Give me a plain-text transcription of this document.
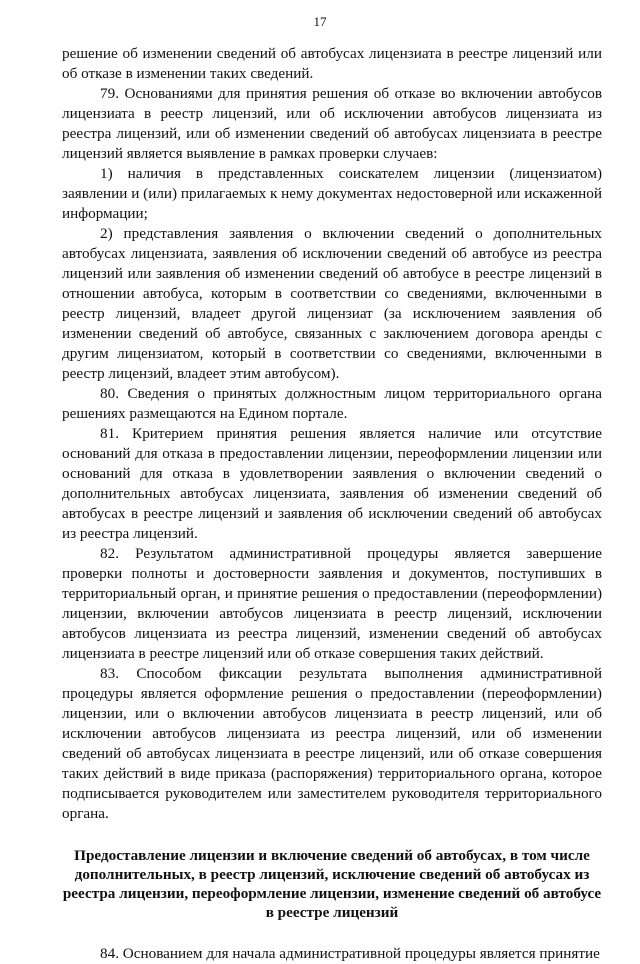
17

решение об изменении сведений об автобусах лицензиата в реестре лицензий или об отказе в изменении таких сведений.

79. Основаниями для принятия решения об отказе во включении автобусов лицензиата в реестр лицензий, или об исключении автобусов лицензиата из реестра лицензий, или об изменении сведений об автобусах лицензиата в реестре лицензий является выявление в рамках проверки случаев:

1) наличия в представленных соискателем лицензии (лицензиатом) заявлении и (или) прилагаемых к нему документах недостоверной или искаженной информации;

2) представления заявления о включении сведений о дополнительных автобусах лицензиата, заявления об исключении сведений об автобусе из реестра лицензий или заявления об изменении сведений об автобусе в реестре лицензий в отношении автобуса, которым в соответствии со сведениями, включенными в реестр лицензий, владеет другой лицензиат (за исключением заявления об изменении сведений об автобусе, связанных с заключением договора аренды с другим лицензиатом, который в соответствии со сведениями, включенными в реестр лицензий, владеет этим автобусом).

80. Сведения о принятых должностным лицом территориального органа решениях размещаются на Едином портале.

81. Критерием принятия решения является наличие или отсутствие оснований для отказа в предоставлении лицензии, переоформлении лицензии или оснований для отказа в удовлетворении заявления о включении сведений о дополнительных автобусах лицензиата, заявления об изменении сведений об автобусах в реестре лицензий и заявления об исключении сведений об автобусах из реестра лицензий.

82. Результатом административной процедуры является завершение проверки полноты и достоверности заявления и документов, поступивших в территориальный орган, и принятие решения о предоставлении (переоформлении) лицензии, включении автобусов лицензиата в реестр лицензий, исключении автобусов лицензиата из реестра лицензий, изменении сведений об автобусах лицензиата в реестре лицензий или об отказе совершения таких действий.

83. Способом фиксации результата выполнения административной процедуры является оформление решения о предоставлении (переоформлении) лицензии, или о включении автобусов лицензиата в реестр лицензий, или об исключении автобусов лицензиата из реестра лицензий, или об изменении сведений об автобусах лицензиата в реестре лицензий, или об отказе совершения таких действий в виде приказа (распоряжения) территориального органа, которое подписывается руководителем или заместителем руководителя территориального органа.

Предоставление лицензии и включение сведений об автобусах, в том числе дополнительных, в реестр лицензий, исключение сведений об автобусах из реестра лицензии, переоформление лицензии, изменение сведений об автобусе в реестре лицензий

84. Основанием для начала административной процедуры является принятие
